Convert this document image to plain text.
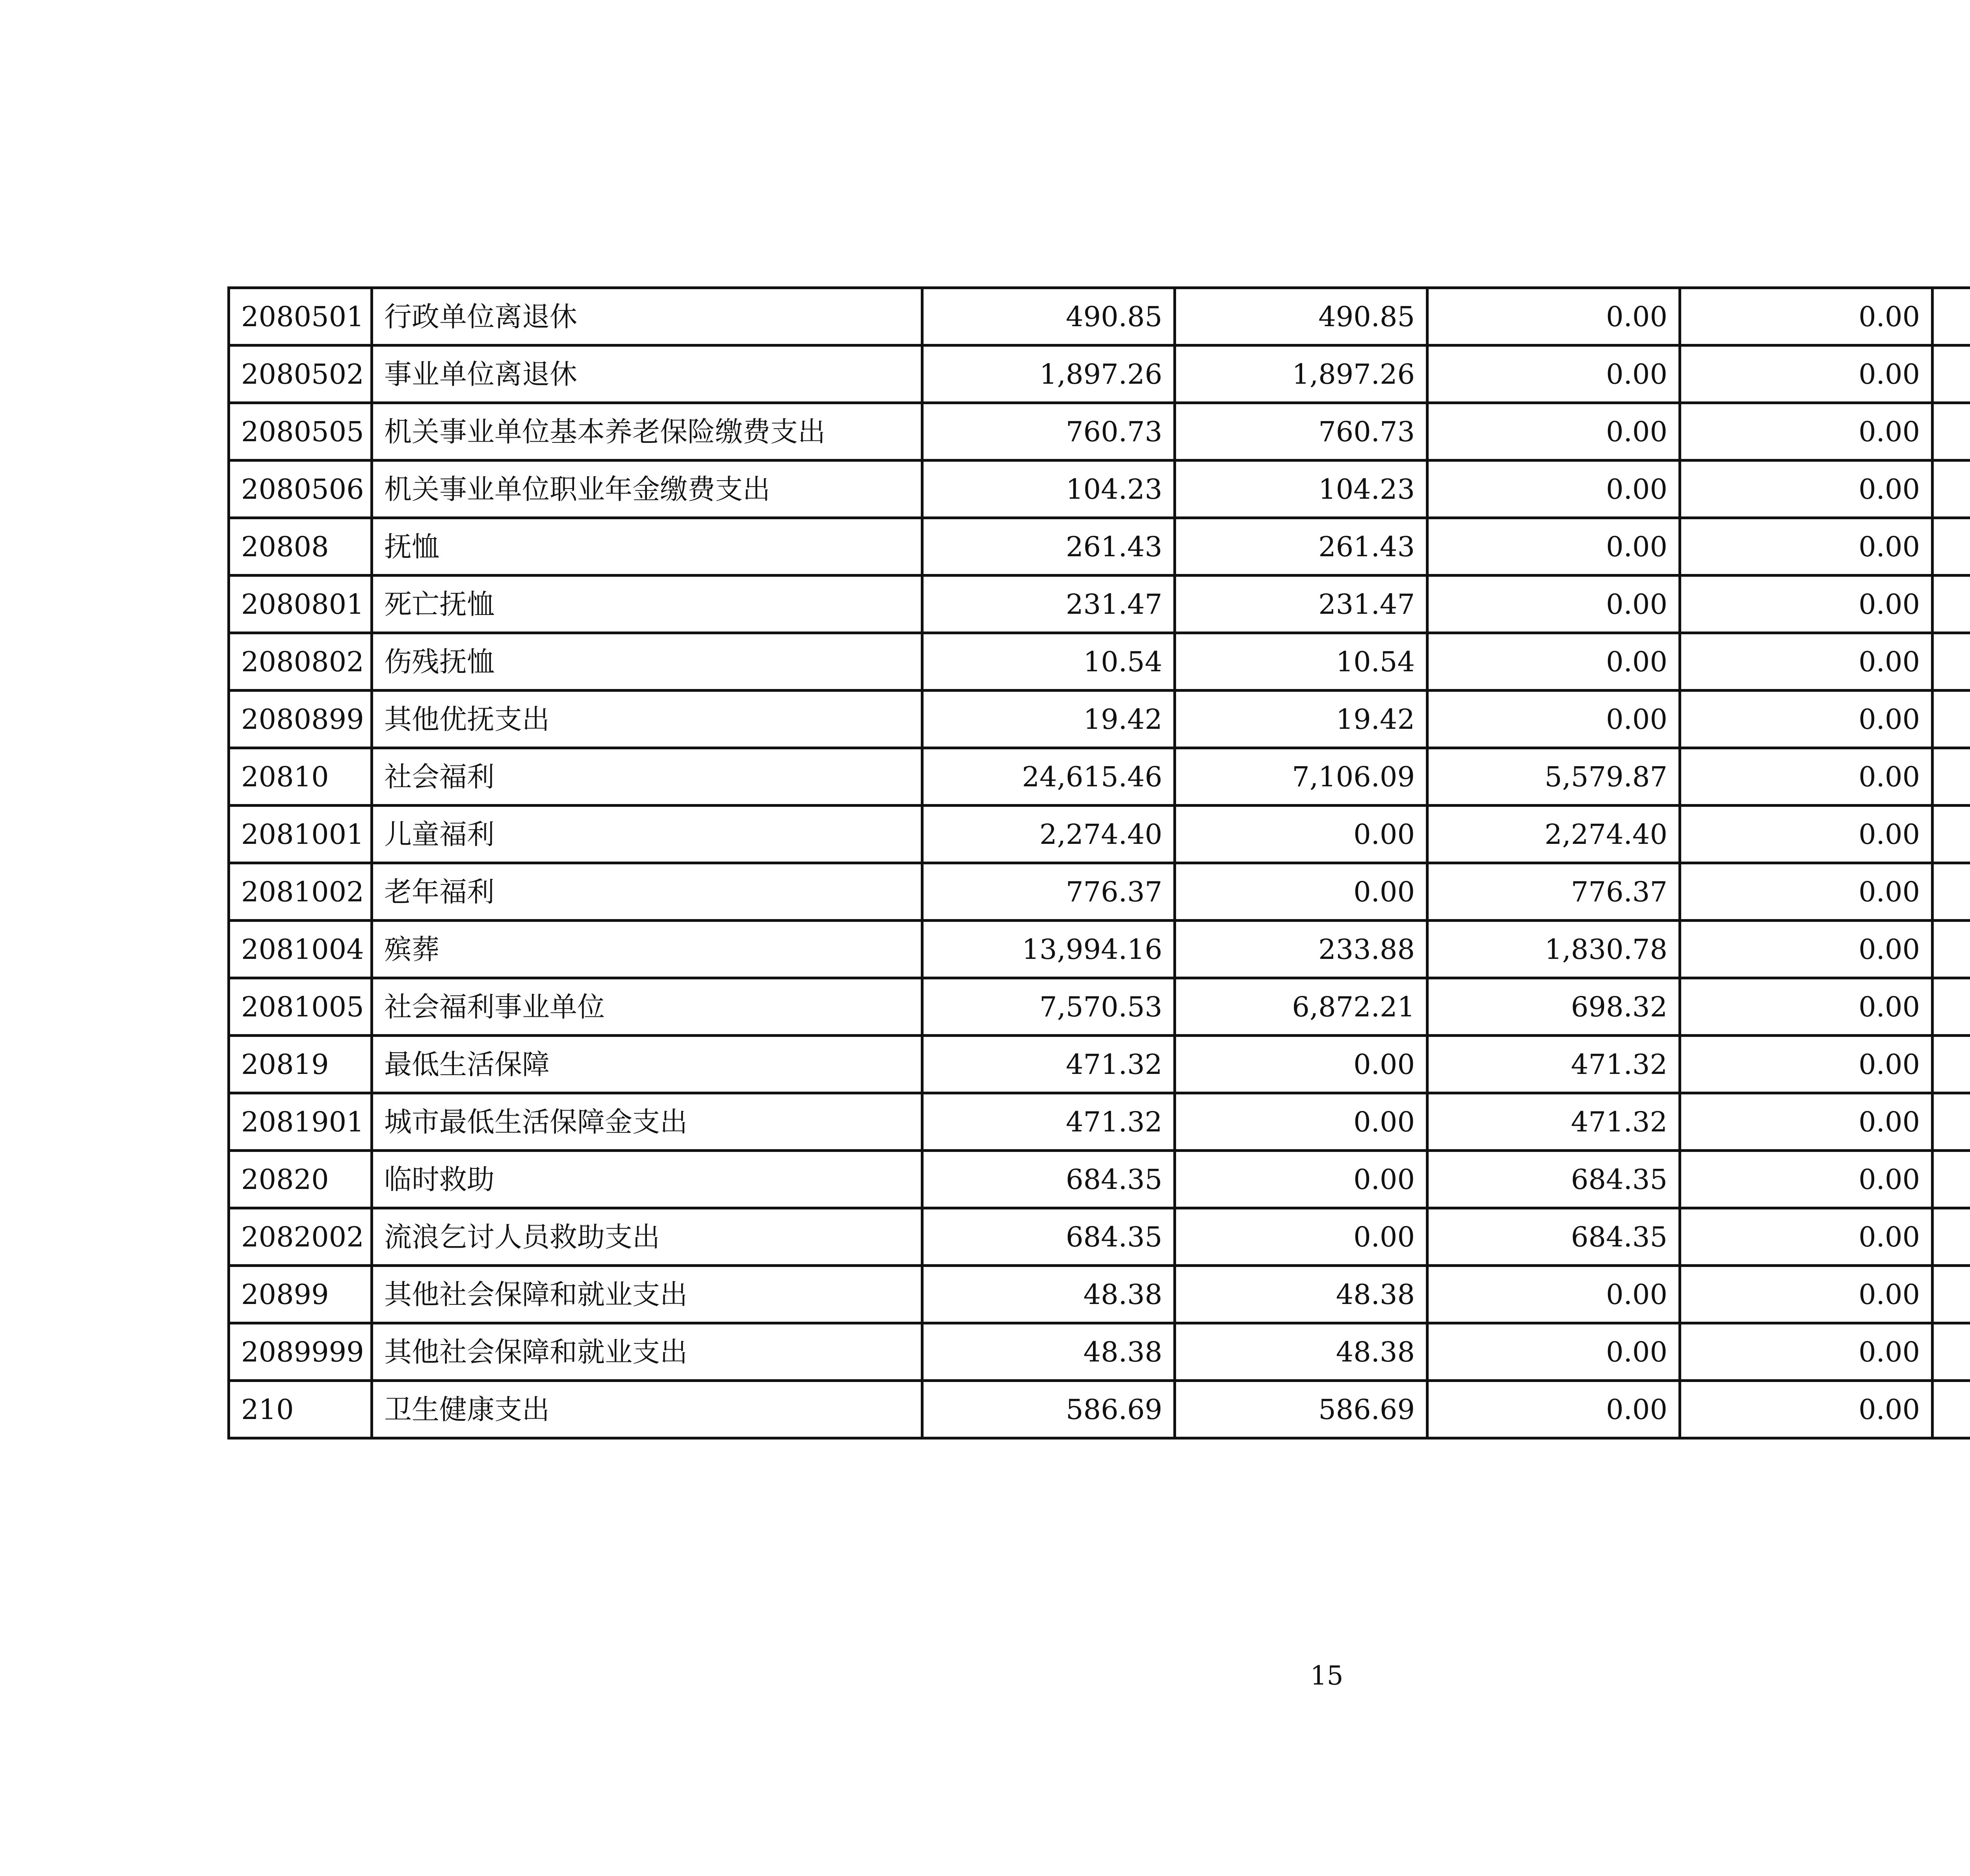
2080501	行政单位离退休	490.85	490.85	0.00	0.00		
2080502	事业单位离退休	1,897.26	1,897.26	0.00	0.00		
2080505	机关事业单位基本养老保险缴费支出	760.73	760.73	0.00	0.00		
2080506	机关事业单位职业年金缴费支出	104.23	104.23	0.00	0.00		
20808	抚恤	261.43	261.43	0.00	0.00		
2080801	死亡抚恤	231.47	231.47	0.00	0.00		
2080802	伤残抚恤	10.54	10.54	0.00	0.00		
2080899	其他优抚支出	19.42	19.42	0.00	0.00		
20810	社会福利	24,615.46	7,106.09	5,579.87	0.00		
2081001	儿童福利	2,274.40	0.00	2,274.40	0.00		
2081002	老年福利	776.37	0.00	776.37	0.00		
2081004	殡葬	13,994.16	233.88	1,830.78	0.00		
2081005	社会福利事业单位	7,570.53	6,872.21	698.32	0.00		
20819	最低生活保障	471.32	0.00	471.32	0.00		
2081901	城市最低生活保障金支出	471.32	0.00	471.32	0.00		
20820	临时救助	684.35	0.00	684.35	0.00		
2082002	流浪乞讨人员救助支出	684.35	0.00	684.35	0.00		
20899	其他社会保障和就业支出	48.38	48.38	0.00	0.00		
2089999	其他社会保障和就业支出	48.38	48.38	0.00	0.00		
210	卫生健康支出	586.69	586.69	0.00	0.00		
15
